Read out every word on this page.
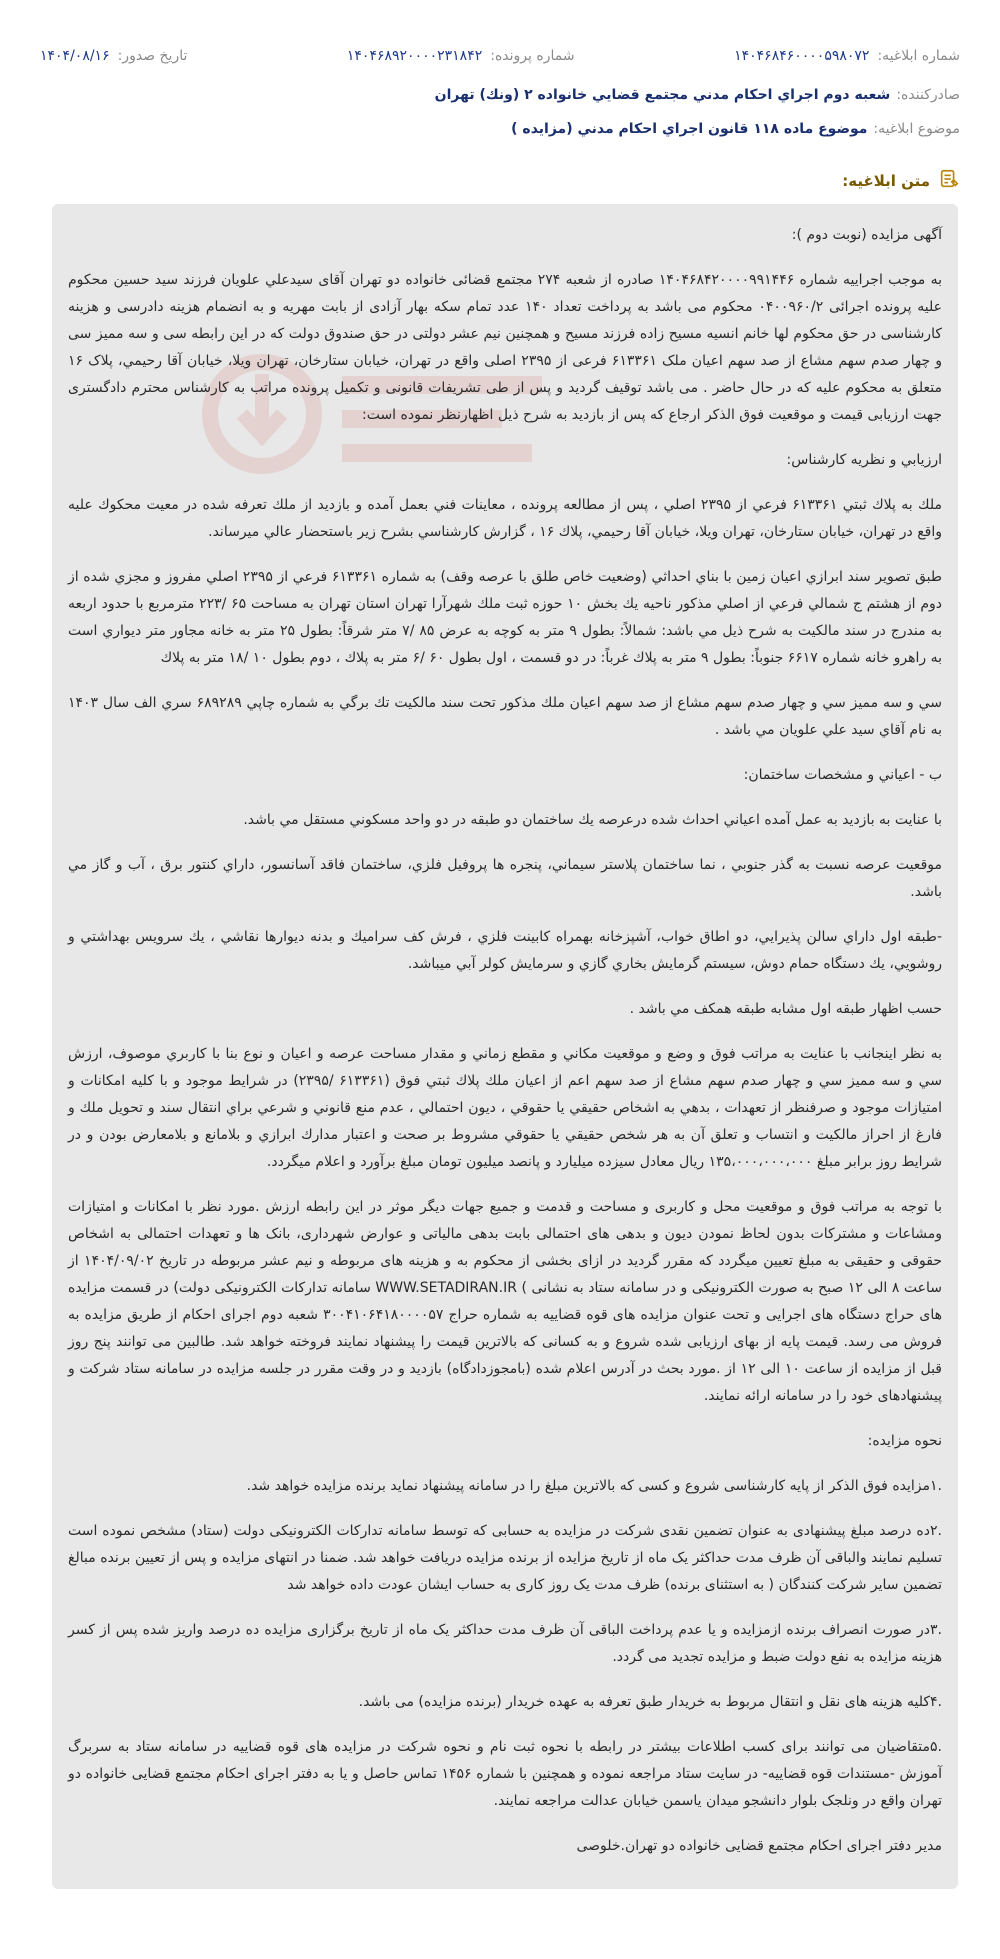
شماره ابلاغیه:
۱۴۰۴۶۸۴۶۰۰۰۰۵۹۸۰۷۲
شماره پرونده:
۱۴۰۴۶۸۹۲۰۰۰۰۲۳۱۸۴۲
تاریخ صدور:
۱۴۰۴/۰۸/۱۶
صادرکننده:
شعبه دوم اجراي احكام مدني مجتمع قضايي خانواده ۲ (ونك) تهران
موضوع ابلاغیه:
موضوع ماده ۱۱۸ قانون اجراي احكام مدني (مزايده )
متن ابلاغیه:

آگهی مزایده (نوبت دوم ):

به موجب اجراییه شماره ۱۴۰۴۶۸۴۲۰۰۰۰۹۹۱۴۴۶ صادره از شعبه ۲۷۴ مجتمع قضائی خانواده دو تهران آقای سیدعلي علویان فرزند سید حسین محکوم علیه پرونده اجرائی ۰۴۰۰۹۶۰/۲ محکوم می باشد به پرداخت تعداد ۱۴۰ عدد تمام سکه بهار آزادی از بابت مهریه و به انضمام هزینه دادرسی و هزینه کارشناسی در حق محکوم لها خانم انسیه مسیح زاده فرزند مسیح و همچنین نیم عشر دولتی در حق صندوق دولت که در این رابطه سی و سه ممیز سی و چهار صدم سهم مشاع از صد سهم اعیان ملک ۶۱۳۳۶۱ فرعی از ۲۳۹۵ اصلی واقع در تهران، خیابان ستارخان، تهران ویلا، خیابان آقا رحیمي، پلاک ۱۶ متعلق به محکوم علیه که در حال حاضر . می باشد توقیف گردید و پس از طی تشریفات قانونی و تکمیل پرونده مراتب به کارشناس محترم دادگستری جهت ارزیابی قیمت و موقعیت فوق الذکر ارجاع که پس از بازدید به شرح ذیل اظهارنظر نموده است:

ارزيابي و نظريه كارشناس:

ملك به پلاك ثبتي ۶۱۳۳۶۱ فرعي از ۲۳۹۵ اصلي ، پس از مطالعه پرونده ، معاينات فني بعمل آمده و بازديد از ملك تعرفه شده در معيت محكوك عليه واقع در تهران، خيابان ستارخان، تهران ويلا، خيابان آقا رحيمي، پلاك ۱۶ ، گزارش كارشناسي بشرح زير باستحضار عالي ميرساند.

طبق تصوير سند ابرازي اعيان زمين با بناي احداثي (وضعيت خاص طلق با عرصه وقف) به شماره ۶۱۳۳۶۱ فرعي از ۲۳۹۵ اصلي مفروز و مجزي شده از دوم از هشتم ج شمالي فرعي از اصلي مذكور ناحيه يك بخش ۱۰ حوزه ثبت ملك شهرآرا تهران استان تهران به مساحت ۶۵ /۲۲۳ مترمربع با حدود اربعه به مندرج در سند مالكيت به شرح ذيل مي باشد: شمالاً: بطول ۹ متر به كوچه به عرض ۸۵ /۷ متر شرقاً: بطول ۲۵ متر به خانه مجاور متر ديواري است به راهرو خانه شماره ۶۶۱۷ جنوباً: بطول ۹ متر به پلاك غرباً: در دو قسمت ، اول بطول ۶۰ /۶ متر به پلاك ، دوم بطول ۱۰ /۱۸ متر به پلاك

سي و سه مميز سي و چهار صدم سهم مشاع از صد سهم اعيان ملك مذكور تحت سند مالكيت تك برگي به شماره چاپي ۶۸۹۲۸۹ سري الف سال ۱۴۰۳ به نام آقاي سيد علي علويان مي باشد .

ب - اعياني و مشخصات ساختمان:

با عنايت به بازديد به عمل آمده اعياني احداث شده درعرصه يك ساختمان دو طبقه در دو واحد مسكوني مستقل مي باشد.

موقعيت عرصه نسبت به گذر جنوبي ، نما ساختمان پلاستر سيماني، پنجره ها پروفيل فلزي، ساختمان فاقد آسانسور، داراي كنتور برق ، آب و گاز مي باشد.

-طبقه اول داراي سالن پذيرايي، دو اطاق خواب، آشپزخانه بهمراه كابينت فلزي ، فرش كف سراميك و بدنه ديوارها نقاشي ، يك سرويس بهداشتي و روشويي، يك دستگاه حمام دوش، سيستم گرمايش بخاري گازي و سرمايش كولر آبي ميباشد.

حسب اظهار طبقه اول مشابه طبقه همكف مي باشد .

به نظر اينجانب با عنايت به مراتب فوق و وضع و موقعيت مكاني و مقطع زماني و مقدار مساحت عرصه و اعيان و نوع بنا با كاربري موصوف، ارزش سي و سه مميز سي و چهار صدم سهم مشاع از صد سهم اعم از اعيان ملك پلاك ثبتي فوق (۶۱۳۳۶۱ /۲۳۹۵) در شرايط موجود و با كليه امكانات و امتيازات موجود و صرفنظر از تعهدات ، بدهي به اشخاص حقيقي يا حقوقي ، ديون احتمالي ، عدم منع قانوني و شرعي براي انتقال سند و تحويل ملك و فارغ از احراز مالكيت و انتساب و تعلق آن به هر شخص حقيقي يا حقوقي مشروط بر صحت و اعتبار مدارك ابرازي و بلامانع و بلامعارض بودن و در شرايط روز برابر مبلغ ۱۳۵،۰۰۰،۰۰۰،۰۰۰ ريال معادل سيزده ميليارد و پانصد ميليون تومان مبلغ برآورد و اعلام ميگردد.

با توجه به مراتب فوق و موقعیت محل و کاربری و مساحت و قدمت و جمیع جهات دیگر موثر در این رابطه ارزش .مورد نظر با امکانات و امتیازات ومشاعات و مشترکات بدون لحاظ نمودن دیون و بدهی های احتمالی بابت بدهی مالیاتی و عوارض شهرداری، بانک ها و تعهدات احتمالی به اشخاص حقوقی و حقیقی به مبلغ تعیین میگردد که مقرر گردید در ازای بخشی از محکوم به و هزینه های مربوطه و نیم عشر مربوطه در تاریخ ۱۴۰۴/۰۹/۰۲ از ساعت ۸ الی ۱۲ صبح به صورت الکترونیکی و در سامانه ستاد به نشانی ) WWW.SETADIRAN.IR سامانه تدارکات الکترونیکی دولت) در قسمت مزایده های حراج دستگاه های اجرایی و تحت عنوان مزایده های قوه قضاییه به شماره حراج ۳۰۰۴۱۰۶۴۱۸۰۰۰۰۵۷ شعبه دوم اجرای احکام از طریق مزایده به فروش می رسد. قیمت پایه از بهای ارزیابی شده شروع و به کسانی که بالاترین قیمت را پیشنهاد نمایند فروخته خواهد شد. طالبین می توانند پنج روز قبل از مزایده از ساعت ۱۰ الی ۱۲ از .مورد بحث در آدرس اعلام شده (بامجوزدادگاه) بازدید و در وقت مقرر در جلسه مزایده در سامانه ستاد شرکت و پیشنهادهای خود را در سامانه ارائه نمایند.

نحوه مزایده:

.۱مزایده فوق الذکر از پایه کارشناسی شروع و کسی که بالاترین مبلغ را در سامانه پیشنهاد نماید برنده مزایده خواهد شد.

.۲ده درصد مبلغ پیشنهادی به عنوان تضمین نقدی شرکت در مزایده به حسابی که توسط سامانه تدارکات الکترونیکی دولت (ستاد) مشخص نموده است تسلیم نمایند والباقی آن ظرف مدت حداکثر یک ماه از تاریخ مزایده از برنده مزایده دریافت خواهد شد. ضمنا در انتهای مزایده و پس از تعیین برنده مبالغ تضمین سایر شرکت کنندگان ( به استثنای برنده) ظرف مدت یک روز کاری به حساب ایشان عودت داده خواهد شد

.۳در صورت انصراف برنده ازمزایده و یا عدم پرداخت الباقی آن ظرف مدت حداکثر یک ماه از تاریخ برگزاری مزایده ده درصد واریز شده پس از کسر هزینه مزایده به نفع دولت ضبط و مزایده تجدید می گردد.

.۴کلیه هزینه های نقل و انتقال مربوط به خریدار طبق تعرفه به عهده خریدار (برنده مزایده) می باشد.

.۵متقاضیان می توانند برای کسب اطلاعات بیشتر در رابطه با نحوه ثبت نام و نحوه شرکت در مزایده های قوه قضاییه در سامانه ستاد به سربرگ آموزش -مستندات قوه قضاییه- در سایت ستاد مراجعه نموده و همچنین با شماره ۱۴۵۶ تماس حاصل و یا به دفتر اجرای احکام مجتمع قضایی خانواده دو تهران واقع در ونلجک بلوار دانشجو میدان یاسمن خیابان عدالت مراجعه نمایند.

مدیر دفتر اجرای احکام مجتمع قضایی خانواده دو تهران.خلوصی
